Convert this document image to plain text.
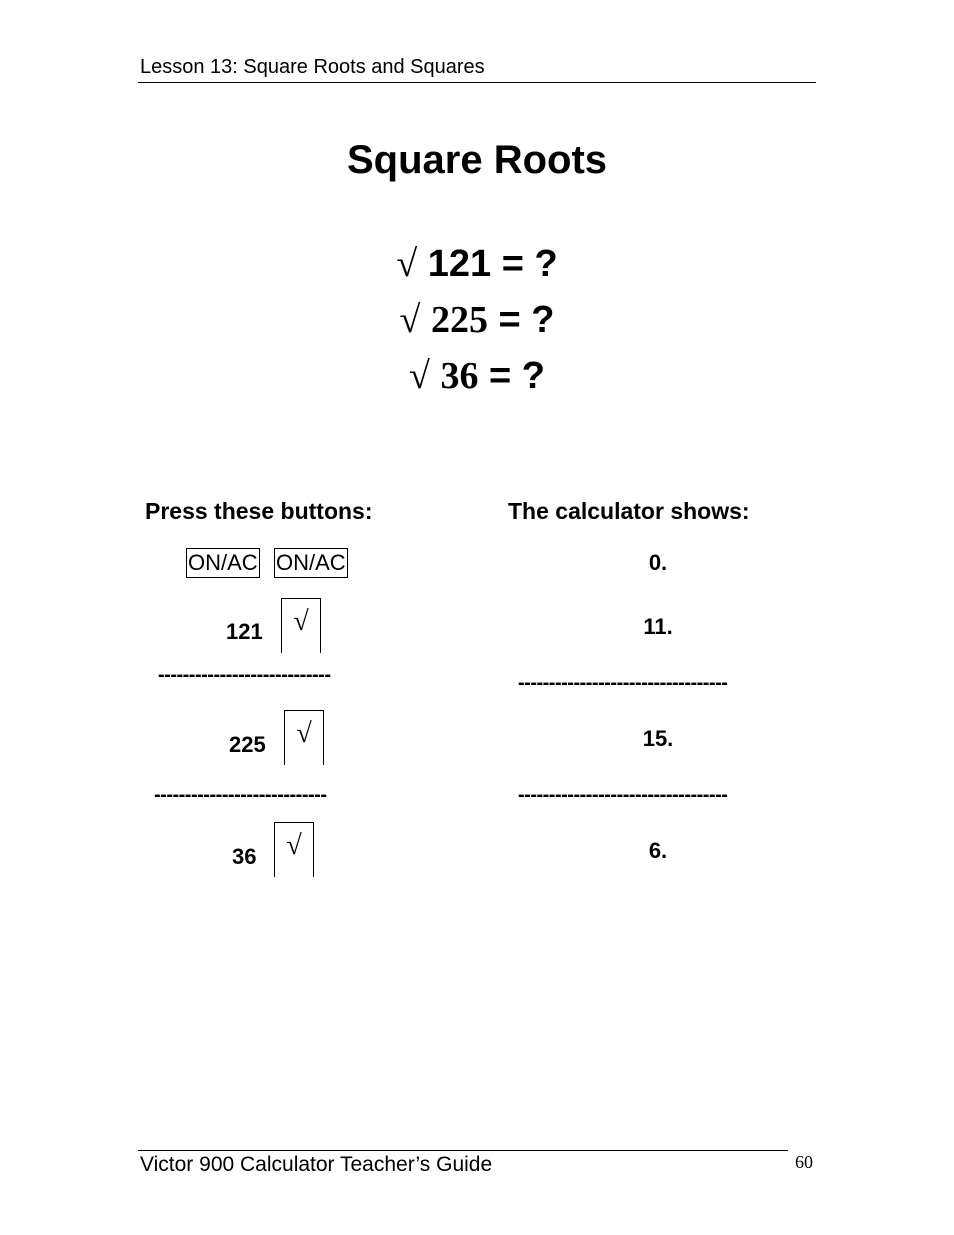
Lesson 13: Square Roots and Squares
Square Roots
√ 121 = ?
√ 225 = ?
√ 36 = ?
Press these buttons:	The calculator shows:
ON/AC ON/AC	0.
121	√	11.
----------------------------	----------------------------------
225	√	15.
----------------------------	----------------------------------
36	√	6.
Victor 900 Calculator Teacher’s Guide	60
